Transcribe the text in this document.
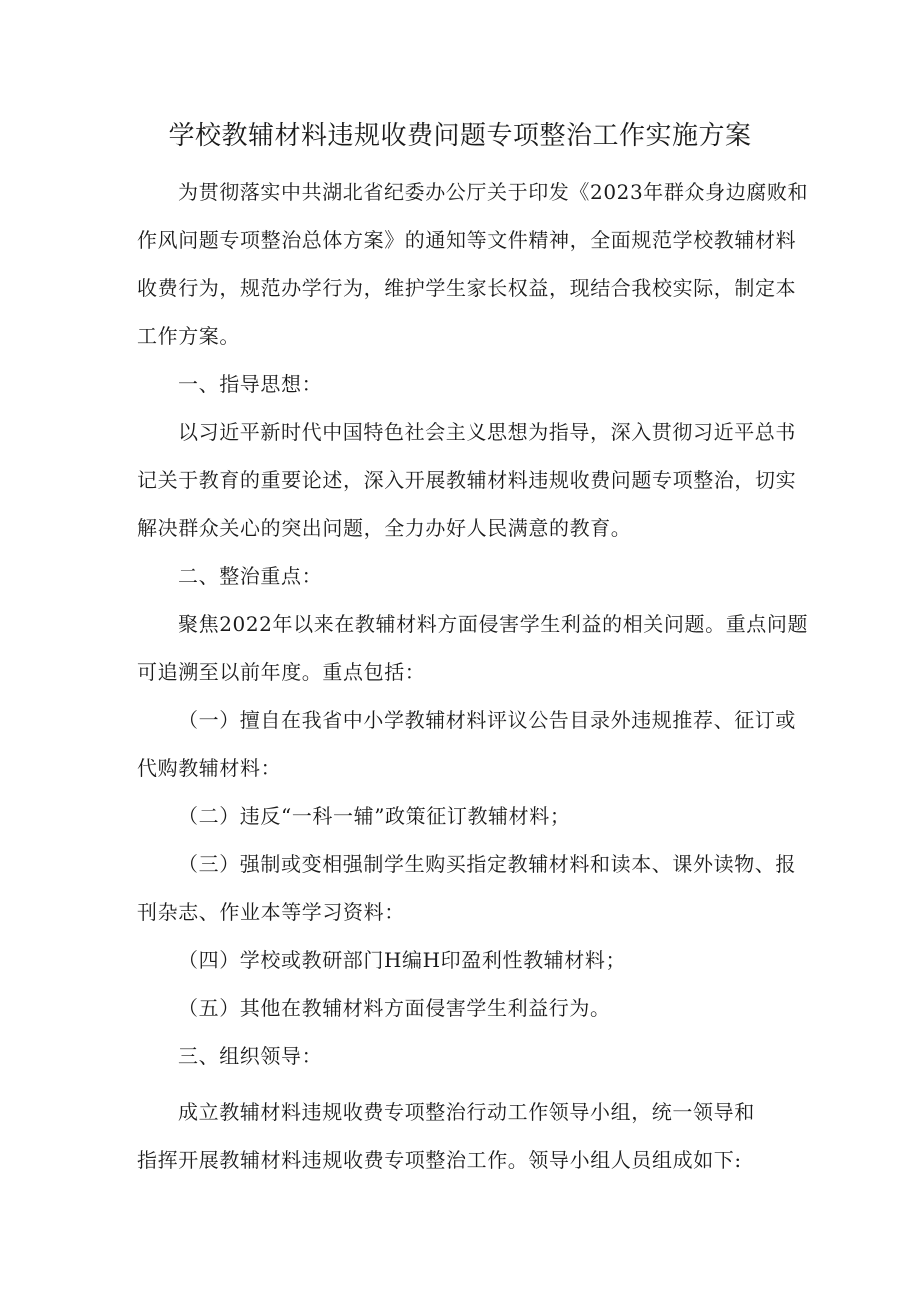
学校教辅材料违规收费问题专项整治工作实施方案
为贯彻落实中共湖北省纪委办公厅关于印发《2023年群众身边腐败和
作风问题专项整治总体方案》的通知等文件精神，全面规范学校教辅材料
收费行为，规范办学行为，维护学生家长权益，现结合我校实际，制定本
工作方案。
一、指导思想：
以习近平新时代中国特色社会主义思想为指导，深入贯彻习近平总书
记关于教育的重要论述，深入开展教辅材料违规收费问题专项整治，切实
解决群众关心的突出问题，全力办好人民满意的教育。
二、整治重点：
聚焦2022年以来在教辅材料方面侵害学生利益的相关问题。重点问题
可追溯至以前年度。重点包括：
（一）擅自在我省中小学教辅材料评议公告目录外违规推荐、征订或
代购教辅材料：
（二）违反“一科一辅”政策征订教辅材料；
（三）强制或变相强制学生购买指定教辅材料和读本、课外读物、报
刊杂志、作业本等学习资料：
（四）学校或教研部门H编H印盈利性教辅材料；
（五）其他在教辅材料方面侵害学生利益行为。
三、组织领导：
成立教辅材料违规收费专项整治行动工作领导小组，统一领导和
指挥开展教辅材料违规收费专项整治工作。领导小组人员组成如下:
